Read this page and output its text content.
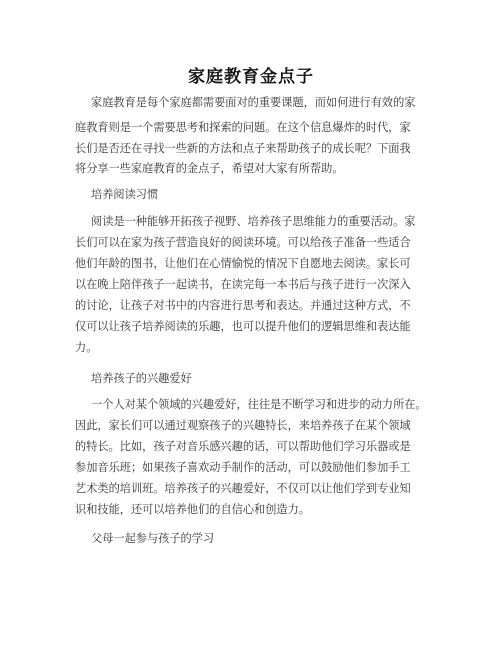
家庭教育金点子
家庭教育是每个家庭都需要面对的重要课题，而如何进行有效的家
庭教育则是一个需要思考和探索的问题。在这个信息爆炸的时代，家
长们是否还在寻找一些新的方法和点子来帮助孩子的成长呢？下面我
将分享一些家庭教育的金点子，希望对大家有所帮助。
培养阅读习惯
阅读是一种能够开拓孩子视野、培养孩子思维能力的重要活动。家
长们可以在家为孩子营造良好的阅读环境。可以给孩子准备一些适合
他们年龄的图书，让他们在心情愉悦的情况下自愿地去阅读。家长可
以在晚上陪伴孩子一起读书，在读完每一本书后与孩子进行一次深入
的讨论，让孩子对书中的内容进行思考和表达。并通过这种方式，不
仅可以让孩子培养阅读的乐趣，也可以提升他们的逻辑思维和表达能
力。
培养孩子的兴趣爱好
一个人对某个领域的兴趣爱好，往往是不断学习和进步的动力所在。
因此，家长们可以通过观察孩子的兴趣特长，来培养孩子在某个领域
的特长。比如，孩子对音乐感兴趣的话，可以帮助他们学习乐器或是
参加音乐班；如果孩子喜欢动手制作的活动，可以鼓励他们参加手工
艺术类的培训班。培养孩子的兴趣爱好，不仅可以让他们学到专业知
识和技能，还可以培养他们的自信心和创造力。
父母一起参与孩子的学习
